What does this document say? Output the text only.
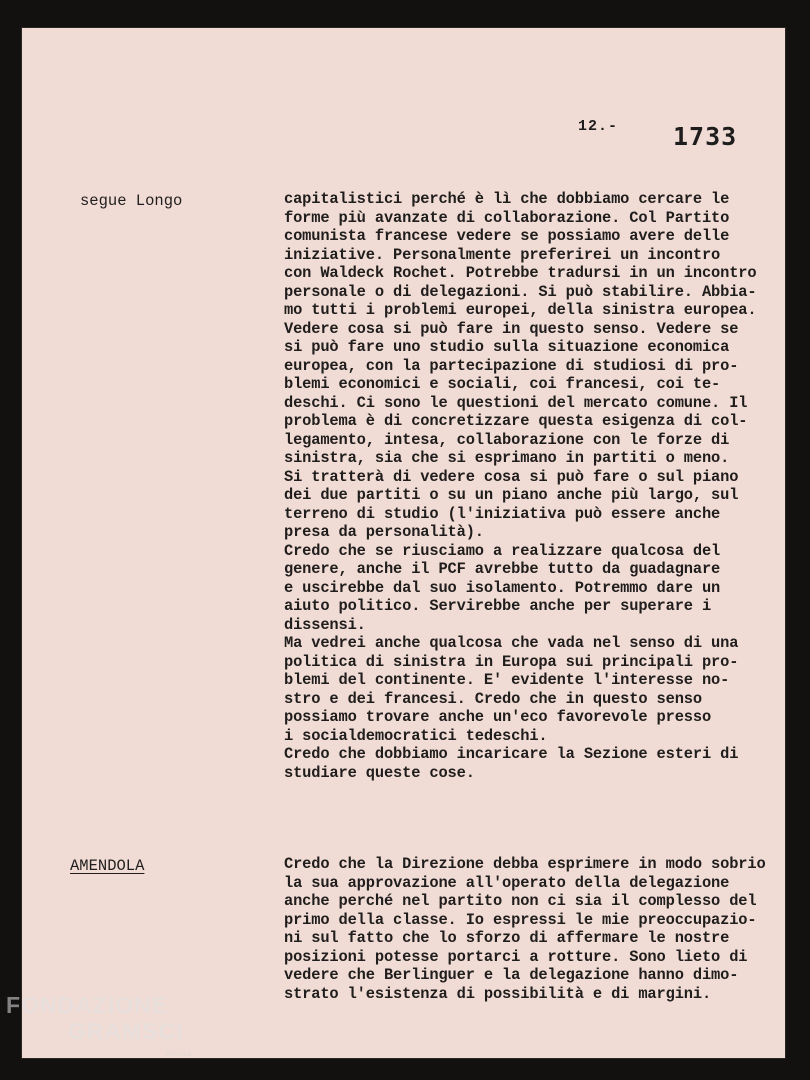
12.- 1733
segue Longo	capitalistici perché è lì che dobbiamo cercare le
forme più avanzate di collaborazione. Col Partito
comunista francese vedere se possiamo avere delle
iniziative. Personalmente preferirei un incontro
con Waldeck Rochet. Potrebbe tradursi in un incontro
personale o di delegazioni. Si può stabilire. Abbia-
mo tutti i problemi europei, della sinistra europea.
Vedere cosa si può fare in questo senso. Vedere se
si può fare uno studio sulla situazione economica
europea, con la partecipazione di studiosi di pro-
blemi economici e sociali, coi francesi, coi te-
deschi. Ci sono le questioni del mercato comune. Il
problema è di concretizzare questa esigenza di col-
legamento, intesa, collaborazione con le forze di
sinistra, sia che si esprimano in partiti o meno.
Si tratterà di vedere cosa si può fare o sul piano
dei due partiti o su un piano anche più largo, sul
terreno di studio (l'iniziativa può essere anche
presa da personalità).
Credo che se riusciamo a realizzare qualcosa del
genere, anche il PCF avrebbe tutto da guadagnare
e uscirebbe dal suo isolamento. Potremmo dare un
aiuto politico. Servirebbe anche per superare i
dissensi.
Ma vedrei anche qualcosa che vada nel senso di una
politica di sinistra in Europa sui principali pro-
blemi del continente. E' evidente l'interesse no-
stro e dei francesi. Credo che in questo senso
possiamo trovare anche un'eco favorevole presso
i socialdemocratici tedeschi.
Credo che dobbiamo incaricare la Sezione esteri di
studiare queste cose.
AMENDOLA	Credo che la Direzione debba esprimere in modo sobrio
la sua approvazione all'operato della delegazione
anche perché nel partito non ci sia il complesso del
primo della classe. Io espressi le mie preoccupazio-
ni sul fatto che lo sforzo di affermare le nostre
posizioni potesse portarci a rotture. Sono lieto di
vedere che Berlinguer e la delegazione hanno dimo-
strato l'esistenza di possibilità e di margini.
FONDAZIONE
GRAMSCI
onlus
